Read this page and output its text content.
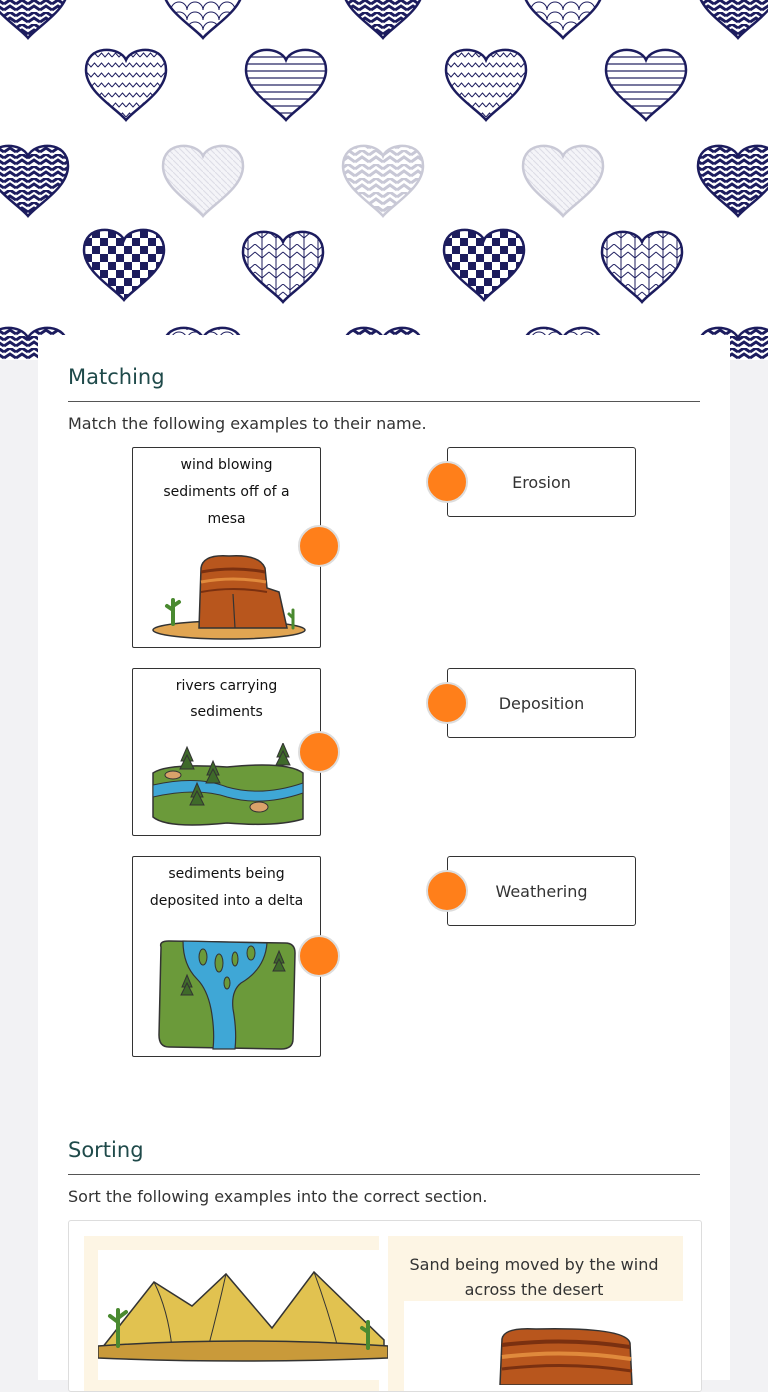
Matching
Match the following examples to their name.
wind blowing sediments off of a mesa
rivers carrying sediments
sediments being deposited into a delta
Erosion
Deposition
Weathering
Sorting
Sort the following examples into the correct section.
Sand being moved by the wind across the desert
